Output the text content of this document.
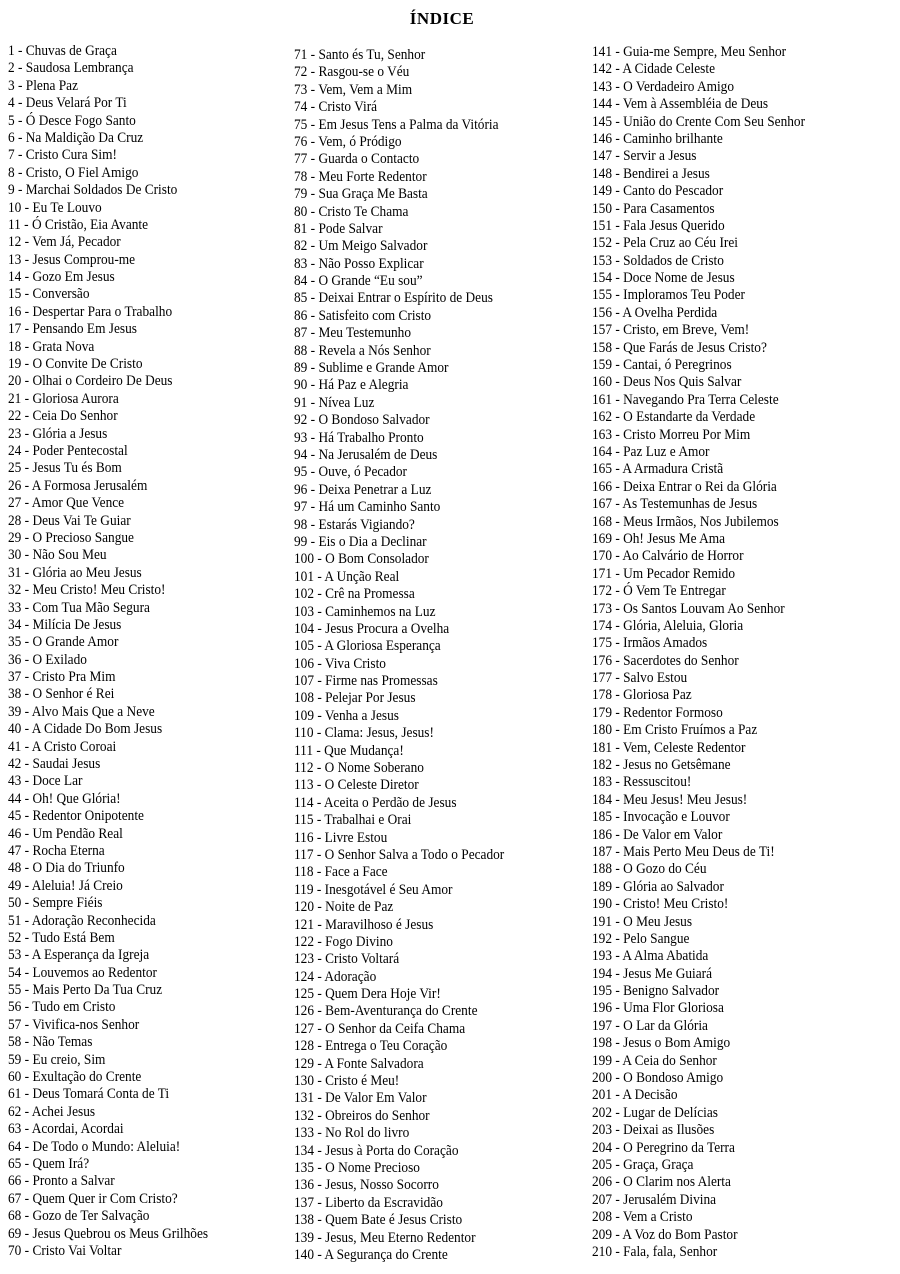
ÍNDICE
1 - Chuvas de Graça
2 - Saudosa Lembrança
3 - Plena Paz
4 - Deus Velará Por Ti
5 - Ó Desce Fogo Santo
6 - Na Maldição Da Cruz
7 - Cristo Cura Sim!
8 - Cristo, O Fiel Amigo
9 - Marchai Soldados De Cristo
10 - Eu Te Louvo
11 - Ó Cristão, Eia Avante
12 - Vem Já, Pecador
13 - Jesus Comprou-me
14 - Gozo Em Jesus
15 - Conversão
16 - Despertar Para o Trabalho
17 - Pensando Em Jesus
18 - Grata Nova
19 - O Convite De Cristo
20 - Olhai o Cordeiro De Deus
21 - Gloriosa Aurora
22 - Ceia Do Senhor
23 - Glória a Jesus
24 - Poder Pentecostal
25 - Jesus Tu és Bom
26 - A Formosa Jerusalém
27 - Amor Que Vence
28 - Deus Vai Te Guiar
29 - O Precioso Sangue
30 - Não Sou Meu
31 - Glória ao Meu Jesus
32 - Meu Cristo! Meu Cristo!
33 - Com Tua Mão Segura
34 - Milícia De Jesus
35 - O Grande Amor
36 - O Exilado
37 - Cristo Pra Mim
38 - O Senhor é Rei
39 - Alvo Mais Que a Neve
40 - A Cidade Do Bom Jesus
41 - A Cristo Coroai
42 - Saudai Jesus
43 - Doce Lar
44 - Oh! Que Glória!
45 - Redentor Onipotente
46 - Um Pendão Real
47 - Rocha Eterna
48 - O Dia do Triunfo
49 - Aleluia! Já Creio
50 - Sempre Fiéis
51 - Adoração Reconhecida
52 - Tudo Está Bem
53 - A Esperança da Igreja
54 - Louvemos ao Redentor
55 - Mais Perto Da Tua Cruz
56 - Tudo em Cristo
57 - Vivifica-nos Senhor
58 - Não Temas
59 - Eu creio, Sim
60 - Exultação do Crente
61 - Deus Tomará Conta de Ti
62 - Achei Jesus
63 - Acordai, Acordai
64 - De Todo o Mundo: Aleluia!
65 - Quem Irá?
66 - Pronto a Salvar
67 - Quem Quer ir Com Cristo?
68 - Gozo de Ter Salvação
69 - Jesus Quebrou os Meus Grilhões
70 - Cristo Vai Voltar
71 - Santo és Tu, Senhor
72 - Rasgou-se o Véu
73 - Vem, Vem a Mim
74 - Cristo Virá
75 - Em Jesus Tens a Palma da Vitória
76 - Vem, ó Pródigo
77 - Guarda o Contacto
78 - Meu Forte Redentor
79 - Sua Graça Me Basta
80 - Cristo Te Chama
81 - Pode Salvar
82 - Um Meigo Salvador
83 - Não Posso Explicar
84 - O Grande “Eu sou”
85 - Deixai Entrar o Espírito de Deus
86 - Satisfeito com Cristo
87 - Meu Testemunho
88 - Revela a Nós Senhor
89 - Sublime e Grande Amor
90 - Há Paz e Alegria
91 - Nívea Luz
92 - O Bondoso Salvador
93 - Há Trabalho Pronto
94 - Na Jerusalém de Deus
95 - Ouve, ó Pecador
96 - Deixa Penetrar a Luz
97 - Há um Caminho Santo
98 - Estarás Vigiando?
99 - Eis o Dia a Declinar
100 - O Bom Consolador
101 - A Unção Real
102 - Crê na Promessa
103 - Caminhemos na Luz
104 - Jesus Procura a Ovelha
105 - A Gloriosa Esperança
106 - Viva Cristo
107 - Firme nas Promessas
108 - Pelejar Por Jesus
109 - Venha a Jesus
110 - Clama: Jesus, Jesus!
111 - Que Mudança!
112 - O Nome Soberano
113 - O Celeste Diretor
114 - Aceita o Perdão de Jesus
115 - Trabalhai e Orai
116 - Livre Estou
117 - O Senhor Salva a Todo o Pecador
118 - Face a Face
119 - Inesgotável é Seu Amor
120 - Noite de Paz
121 - Maravilhoso é Jesus
122 - Fogo Divino
123 - Cristo Voltará
124 - Adoração
125 - Quem Dera Hoje Vir!
126 - Bem-Aventurança do Crente
127 - O Senhor da Ceifa Chama
128 - Entrega o Teu Coração
129 - A Fonte Salvadora
130 - Cristo é Meu!
131 - De Valor Em Valor
132 - Obreiros do Senhor
133 - No Rol do livro
134 - Jesus à Porta do Coração
135 - O Nome Precioso
136 - Jesus, Nosso Socorro
137 - Liberto da Escravidão
138 - Quem Bate é Jesus Cristo
139 - Jesus, Meu Eterno Redentor
140 - A Segurança do Crente
141 - Guia-me Sempre, Meu Senhor
142 - A Cidade Celeste
143 - O Verdadeiro Amigo
144 - Vem à Assembléia de Deus
145 - União do Crente Com Seu Senhor
146 - Caminho brilhante
147 - Servir a Jesus
148 - Bendirei a Jesus
149 - Canto do Pescador
150 - Para Casamentos
151 - Fala Jesus Querido
152 - Pela Cruz ao Céu Irei
153 - Soldados de Cristo
154 - Doce Nome de Jesus
155 - Imploramos Teu Poder
156 - A Ovelha Perdida
157 - Cristo, em Breve, Vem!
158 - Que Farás de Jesus Cristo?
159 - Cantai, ó Peregrinos
160 - Deus Nos Quis Salvar
161 - Navegando Pra Terra Celeste
162 - O Estandarte da Verdade
163 - Cristo Morreu Por Mim
164 - Paz Luz e Amor
165 - A Armadura Cristã
166 - Deixa Entrar o Rei da Glória
167 - As Testemunhas de Jesus
168 - Meus Irmãos, Nos Jubilemos
169 - Oh! Jesus Me Ama
170 - Ao Calvário de Horror
171 - Um Pecador Remido
172 - Ó Vem Te Entregar
173 - Os Santos Louvam Ao Senhor
174 - Glória, Aleluia, Gloria
175 - Irmãos Amados
176 - Sacerdotes do Senhor
177 - Salvo Estou
178 - Gloriosa Paz
179 - Redentor Formoso
180 - Em Cristo Fruímos a Paz
181 - Vem, Celeste Redentor
182 - Jesus no Getsêmane
183 - Ressuscitou!
184 - Meu Jesus! Meu Jesus!
185 - Invocação e Louvor
186 - De Valor em Valor
187 - Mais Perto Meu Deus de Ti!
188 - O Gozo do Céu
189 - Glória ao Salvador
190 - Cristo! Meu Cristo!
191 - O Meu Jesus
192 - Pelo Sangue
193 - A Alma Abatida
194 - Jesus Me Guiará
195 - Benigno Salvador
196 - Uma Flor Gloriosa
197 - O Lar da Glória
198 - Jesus o Bom Amigo
199 - A Ceia do Senhor
200 - O Bondoso Amigo
201 - A Decisão
202 - Lugar de Delícias
203 - Deixai as Ilusões
204 - O Peregrino da Terra
205 - Graça, Graça
206 - O Clarim nos Alerta
207 - Jerusalém Divina
208 - Vem a Cristo
209 - A Voz do Bom Pastor
210 - Fala, fala, Senhor
